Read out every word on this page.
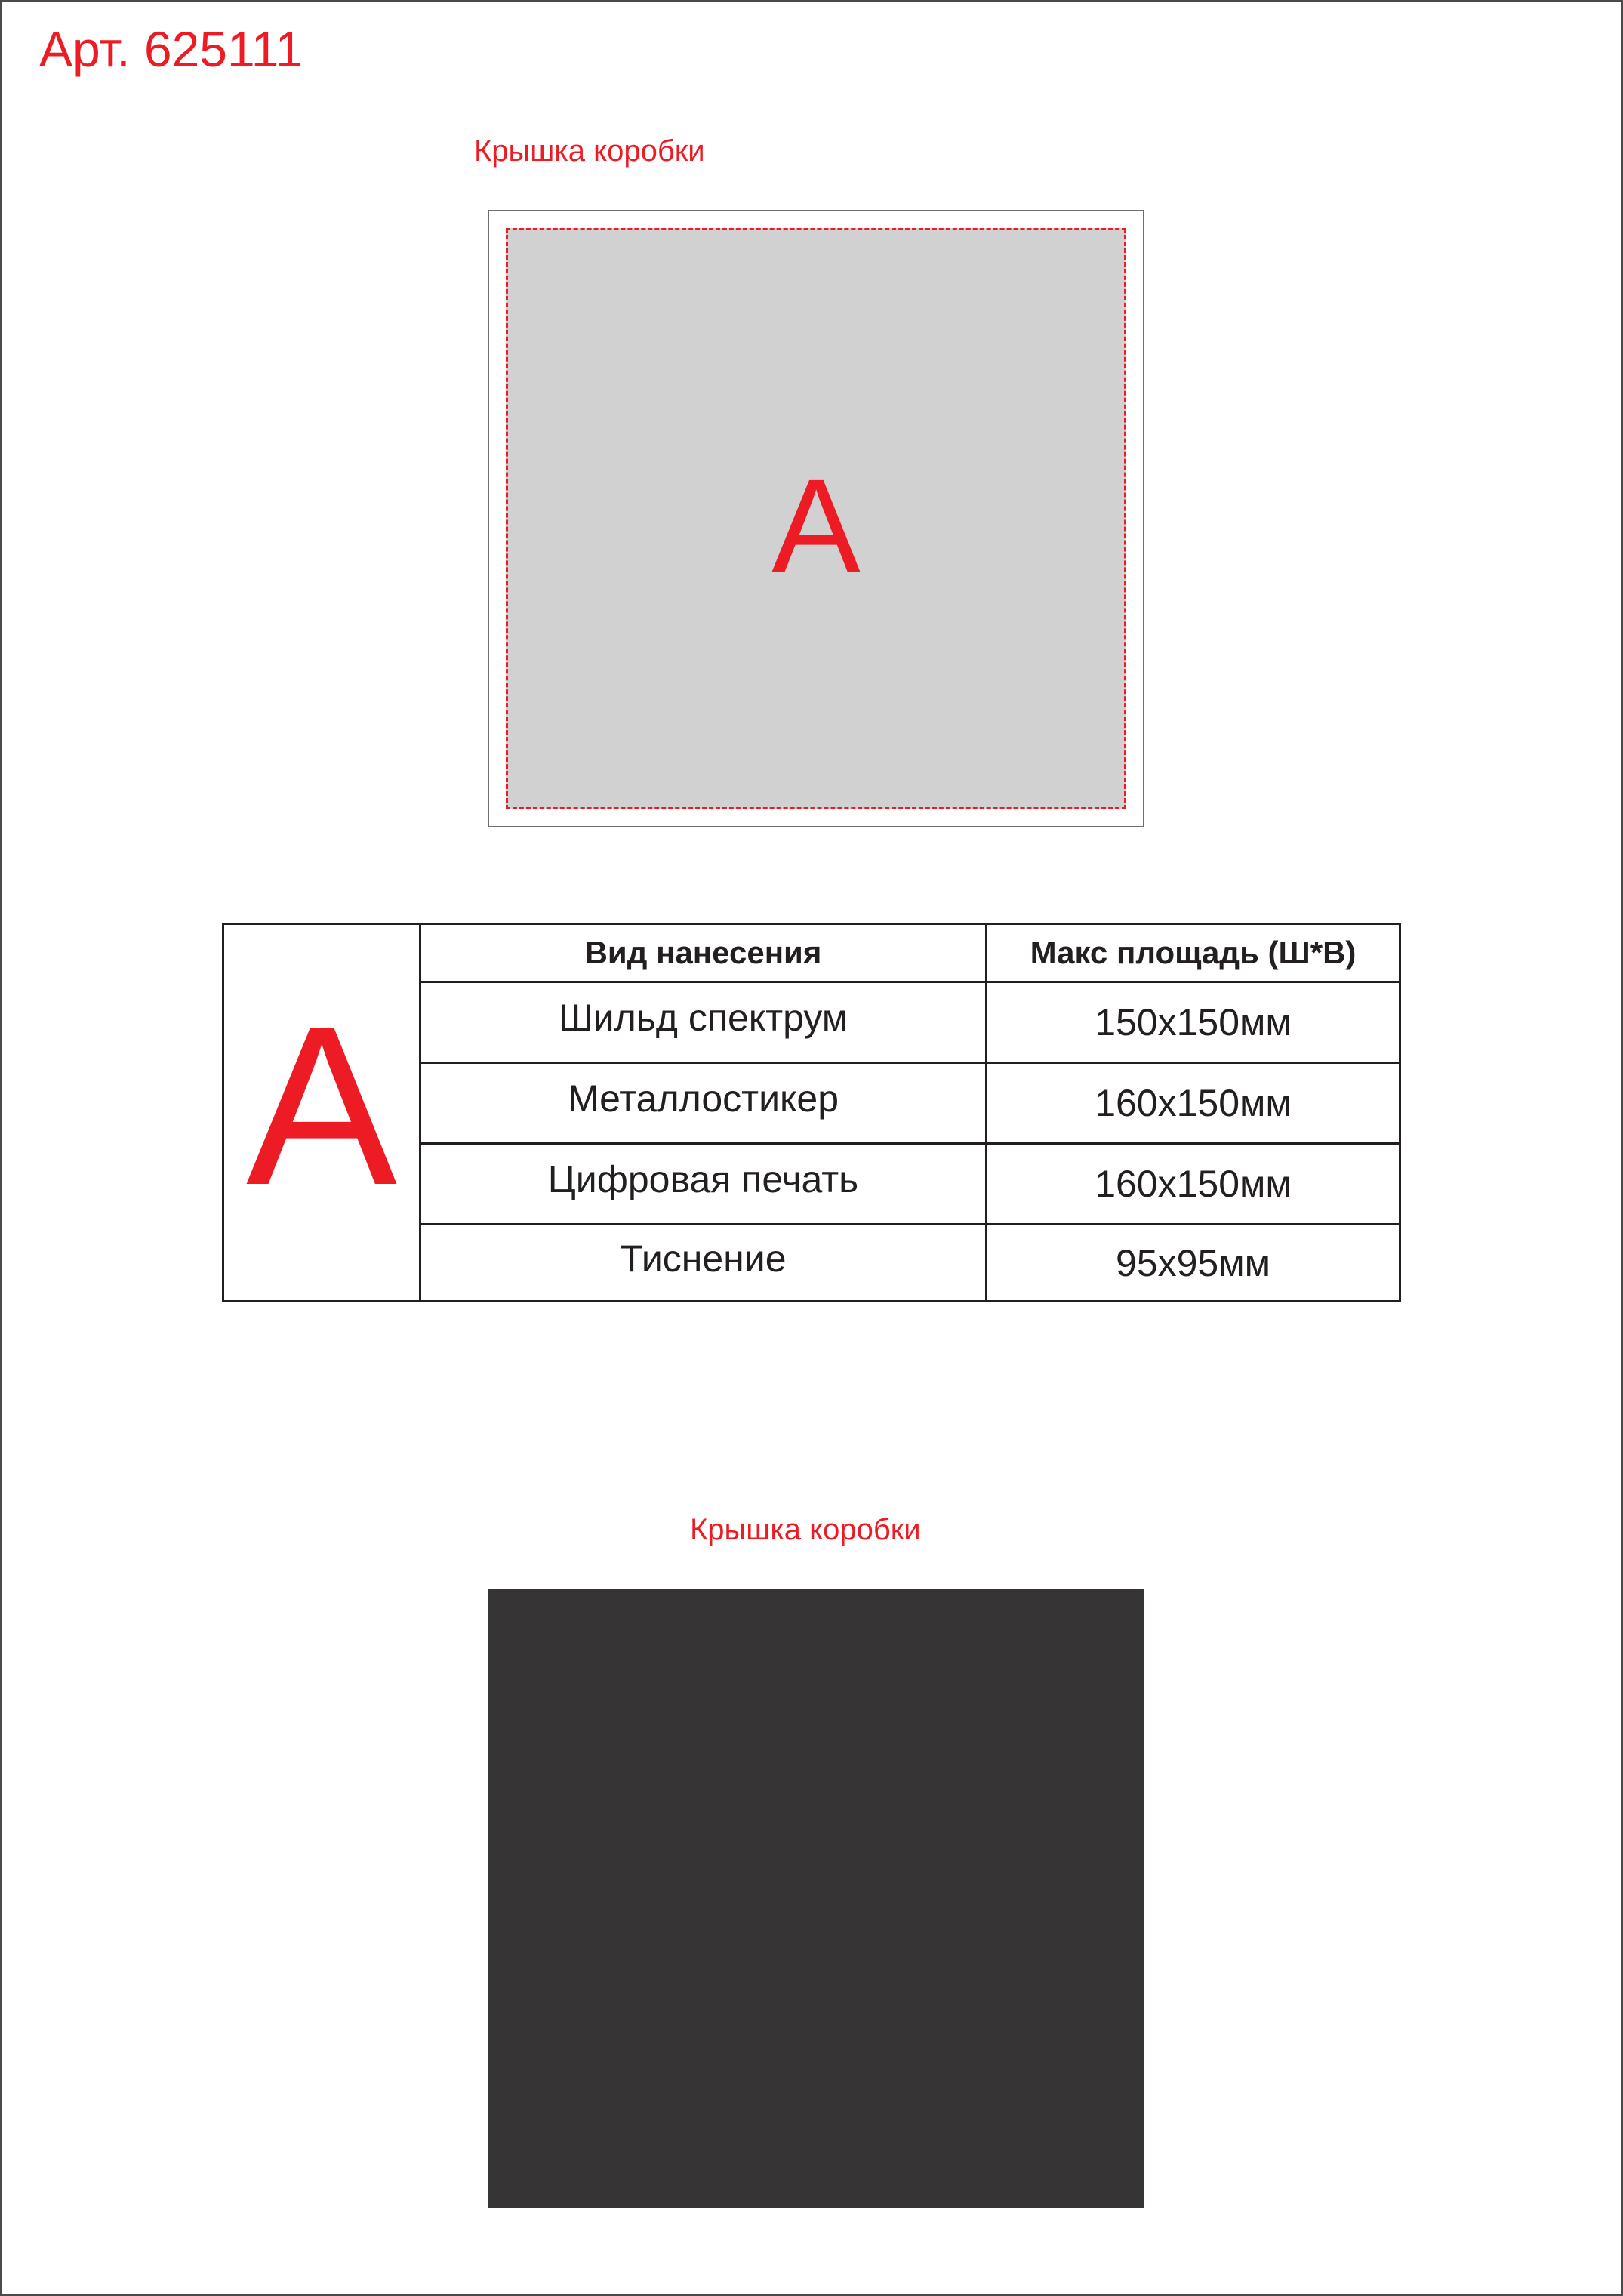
Арт. 625111
Крышка коробки
А
А
Вид нанесения	Макс площадь (Ш*В)
Шильд спектрум	150x150мм
Металлостикер	160x150мм
Цифровая печать	160x150мм
Тиснение	95x95мм
Крышка коробки
